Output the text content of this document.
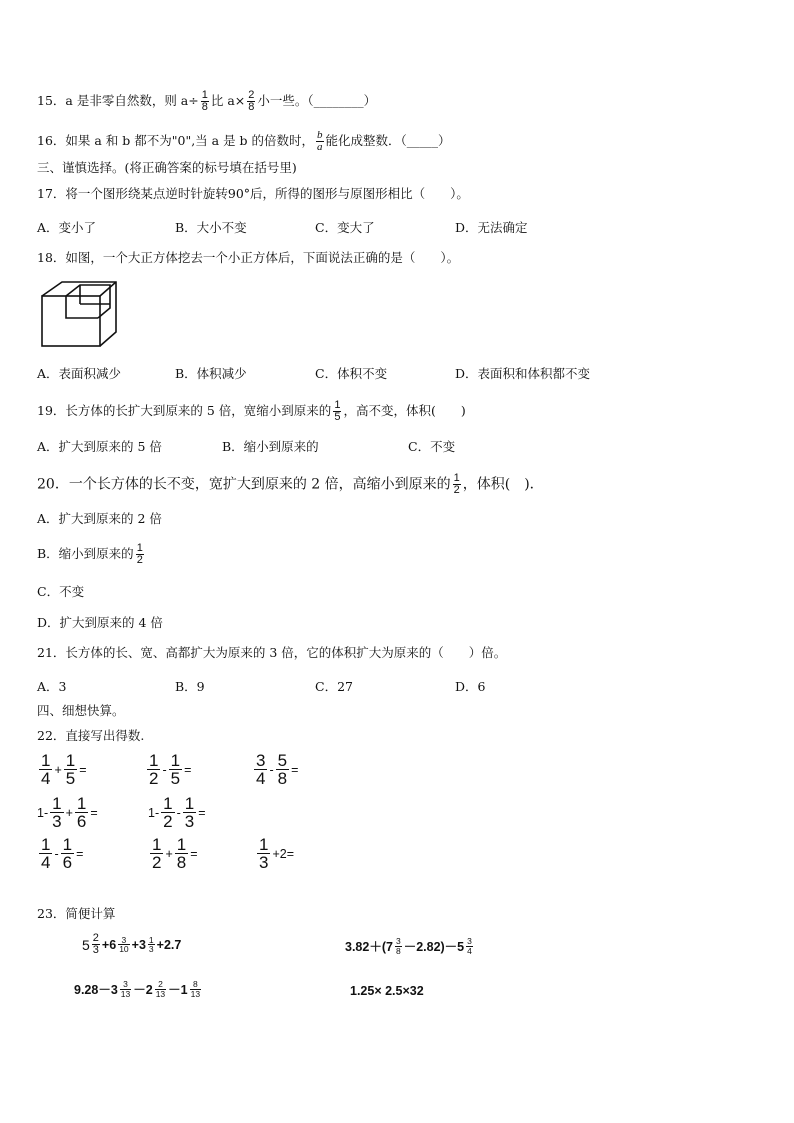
15．a 是非零自然数，则 $a\div \frac{1}{8}$ 比 $a\times \frac{2}{8}$ 小一些。（________）
16．如果 a 和 b 都不为"0",当 a 是 b 的倍数时， $\frac{b}{a}$ 能化成整数．（_____）
三、谨慎选择。(将正确答案的标号填在括号里)
17．将一个图形绕某点逆时针旋转90°后，所得的图形与原图形相比（　　）。
A．变小了	B．大小不变	C．变大了	D．无法确定
18．如图，一个大正方体挖去一个小正方体后，下面说法正确的是（　　）。
A．表面积减少	B．体积减少	C．体积不变	D．表面积和体积都不变
19．长方体的长扩大到原来的 5 倍，宽缩小到原来的 $\frac{1}{5}$ ，高不变，体积(　　)
A．扩大到原来的 5 倍	B．缩小到原来的	C．不变
20．一个长方体的长不变，宽扩大到原来的 2 倍，高缩小到原来的 $\frac{1}{2}$ ，体积(　)．
A．扩大到原来的 2 倍
B．缩小到原来的 $\frac{1}{2}$
C．不变
D．扩大到原来的 4 倍
21．长方体的长、宽、高都扩大为原来的 3 倍，它的体积扩大为原来的（　　）倍。
A．3	B．9	C．27	D．6
四、细想快算。
22．直接写出得数.
$\frac{1}{4} + \frac{1}{5}$ =	$\frac{1}{2} - \frac{1}{5}$ =	$\frac{3}{4} - \frac{5}{8}$ =
$1- \frac{1}{3} + \frac{1}{6}$ =	$1- \frac{1}{2} - \frac{1}{3}$ =
$\frac{1}{4} - \frac{1}{6}$ =	$\frac{1}{2} + \frac{1}{8}$ =	$\frac{1}{3} +2=$
23．简便计算
$5 \frac{2}{3} +6 \frac{3}{10} +3 \frac{1}{3} +2.7$	$3.82+(7 \frac{3}{8} -2.82)-5 \frac{3}{4}$
$9.28-3 \frac{3}{13} -2 \frac{2}{13} -1 \frac{8}{13}$	1.25× 2.5×32
